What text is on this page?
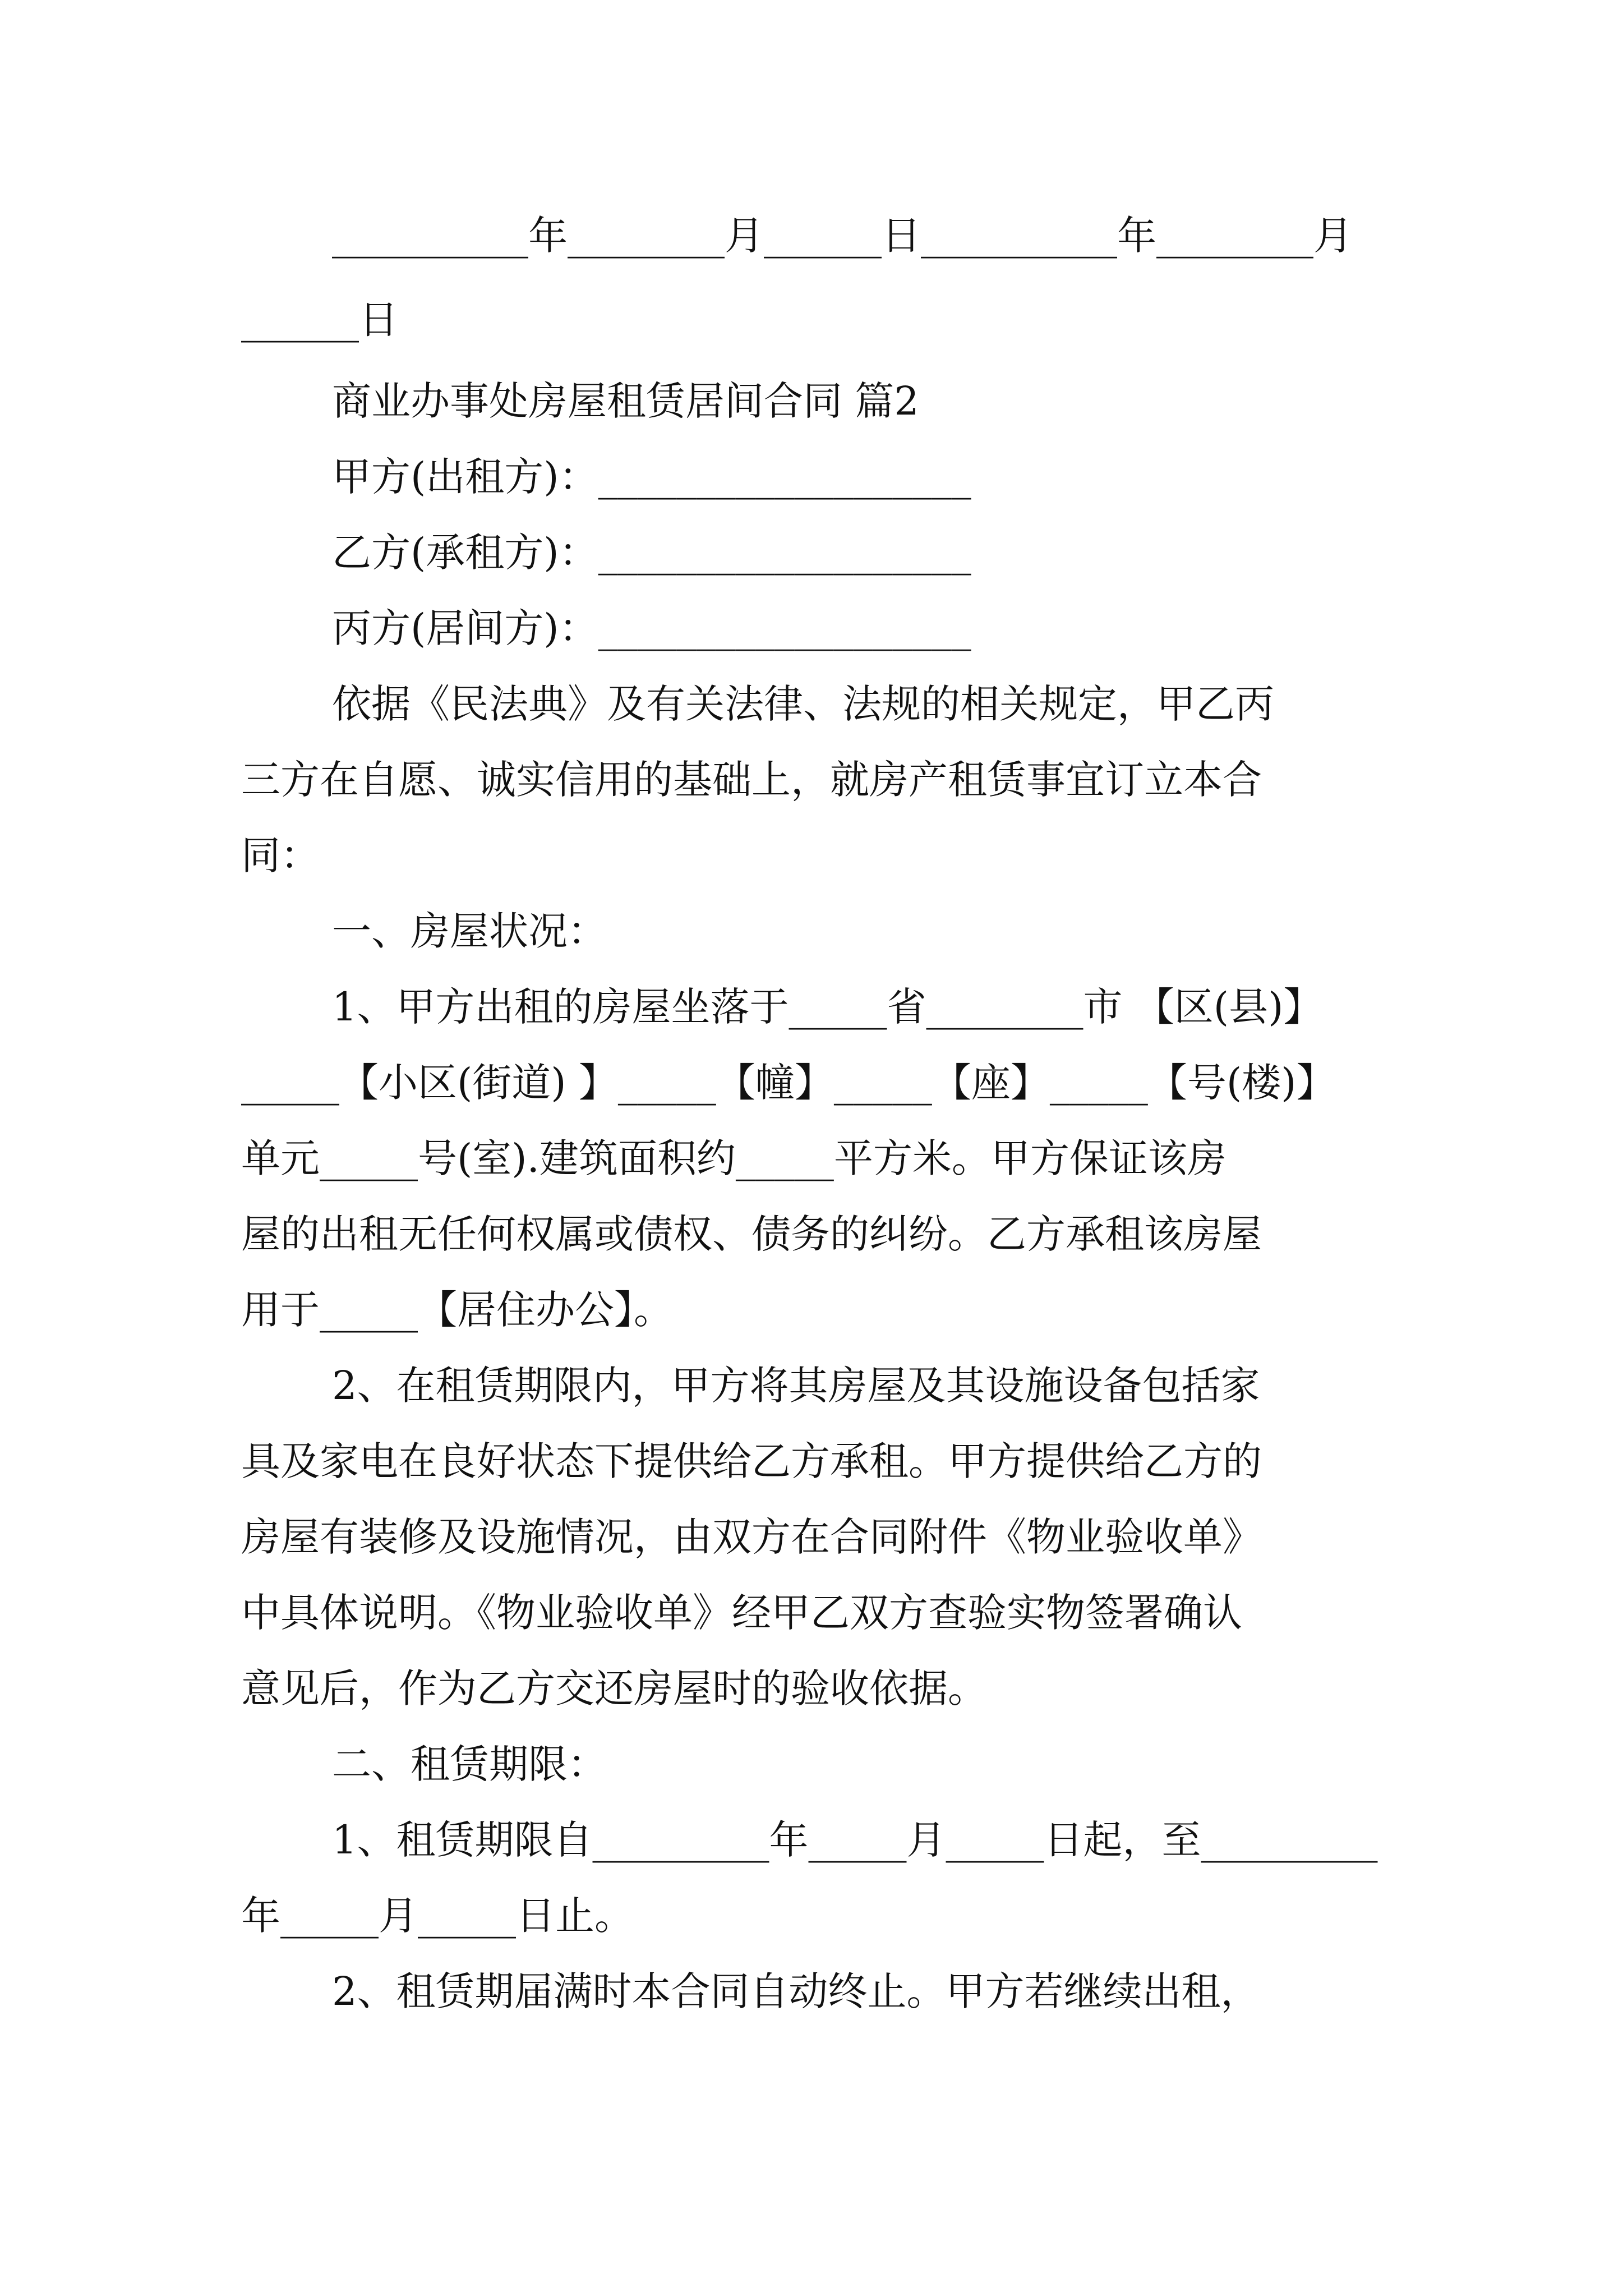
__________年________月______日__________年________月
______日
商业办事处房屋租赁居间合同 篇2
甲方(出租方)：___________________
乙方(承租方)：___________________
丙方(居间方)：___________________
依据《民法典》及有关法律、法规的相关规定，甲乙丙
三方在自愿、诚实信用的基础上，就房产租赁事宜订立本合
同：
一、房屋状况：
1、甲方出租的房屋坐落于_____省________市 【区(县)】
_____【小区(街道) 】_____【幢】_____【座】_____【号(楼)】
单元_____号(室).建筑面积约_____平方米。甲方保证该房
屋的出租无任何权属或债权、债务的纠纷。乙方承租该房屋
用于_____【居住办公】。
2、在租赁期限内，甲方将其房屋及其设施设备包括家
具及家电在良好状态下提供给乙方承租。甲方提供给乙方的
房屋有装修及设施情况，由双方在合同附件《物业验收单》
中具体说明。《物业验收单》经甲乙双方查验实物签署确认
意见后，作为乙方交还房屋时的验收依据。
二、租赁期限：
1、租赁期限自_________年_____月_____日起，至_________
年_____月_____日止。
2、租赁期届满时本合同自动终止。甲方若继续出租，
